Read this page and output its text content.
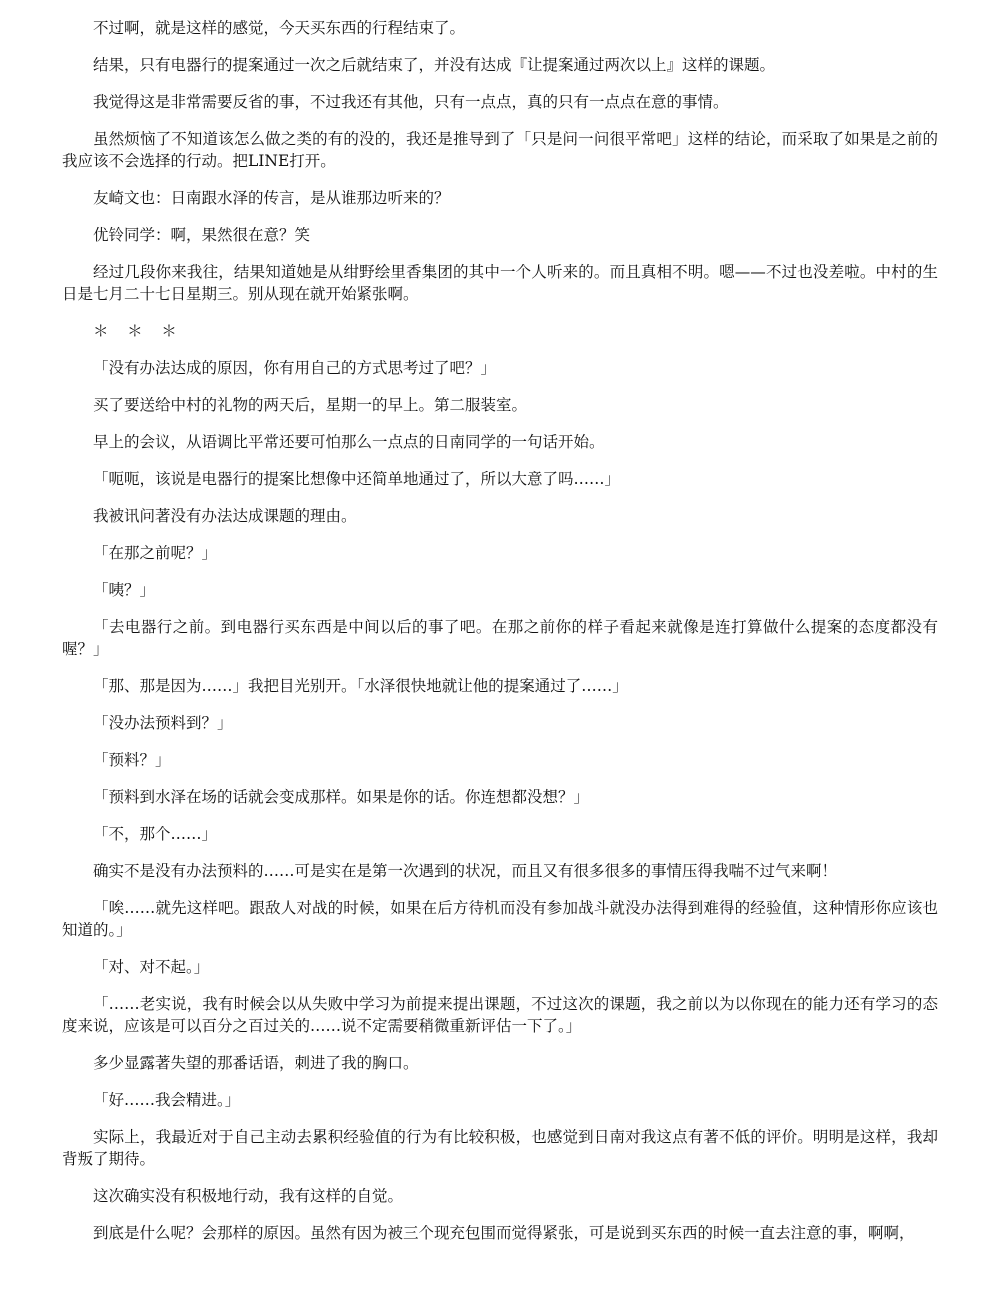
不过啊，就是这样的感觉，今天买东西的行程结束了。

结果，只有电器行的提案通过一次之后就结束了，并没有达成『让提案通过两次以上』这样的课题。

我觉得这是非常需要反省的事，不过我还有其他，只有一点点，真的只有一点点在意的事情。

虽然烦恼了不知道该怎么做之类的有的没的，我还是推导到了「只是问一问很平常吧」这样的结论，而采取了如果是之前的我应该不会选择的行动。把LINE打开。

友崎文也：日南跟水泽的传言，是从谁那边听来的？

优铃同学：啊，果然很在意？笑

经过几段你来我往，结果知道她是从绀野绘里香集团的其中一个人听来的。而且真相不明。嗯——不过也没差啦。中村的生日是七月二十七日星期三。别从现在就开始紧张啊。

＊＊＊

「没有办法达成的原因，你有用自己的方式思考过了吧？」

买了要送给中村的礼物的两天后，星期一的早上。第二服装室。

早上的会议，从语调比平常还要可怕那么一点点的日南同学的一句话开始。

「呃呃，该说是电器行的提案比想像中还简单地通过了，所以大意了吗……」

我被讯问著没有办法达成课题的理由。

「在那之前呢？」

「咦？」

「去电器行之前。到电器行买东西是中间以后的事了吧。在那之前你的样子看起来就像是连打算做什么提案的态度都没有喔？」

「那、那是因为……」我把目光别开。「水泽很快地就让他的提案通过了……」

「没办法预料到？」

「预料？」

「预料到水泽在场的话就会变成那样。如果是你的话。你连想都没想？」

「不，那个……」

确实不是没有办法预料的……可是实在是第一次遇到的状况，而且又有很多很多的事情压得我喘不过气来啊！

「唉……就先这样吧。跟敌人对战的时候，如果在后方待机而没有参加战斗就没办法得到难得的经验值，这种情形你应该也知道的。」

「对、对不起。」

「……老实说，我有时候会以从失败中学习为前提来提出课题，不过这次的课题，我之前以为以你现在的能力还有学习的态度来说，应该是可以百分之百过关的……说不定需要稍微重新评估一下了。」

多少显露著失望的那番话语，刺进了我的胸口。

「好……我会精进。」

实际上，我最近对于自己主动去累积经验值的行为有比较积极，也感觉到日南对我这点有著不低的评价。明明是这样，我却背叛了期待。

这次确实没有积极地行动，我有这样的自觉。

到底是什么呢？会那样的原因。虽然有因为被三个现充包围而觉得紧张，可是说到买东西的时候一直去注意的事，啊啊，
